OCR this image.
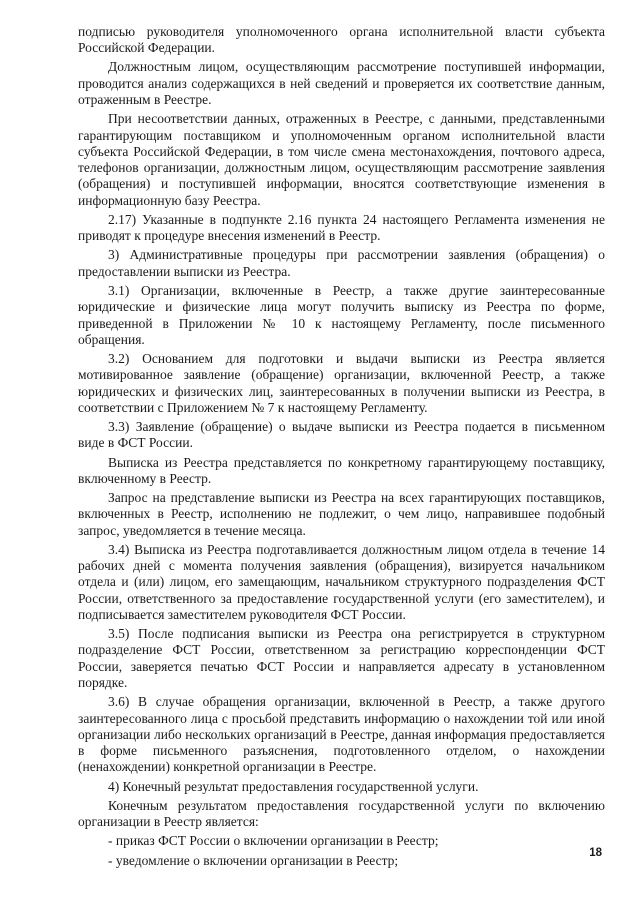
подписью руководителя уполномоченного органа исполнительной власти субъекта Российской Федерации.

Должностным лицом, осуществляющим рассмотрение поступившей информации, проводится анализ содержащихся в ней сведений и проверяется их соответствие данным, отраженным в Реестре.

При несоответствии данных, отраженных в Реестре, с данными, представленными гарантирующим поставщиком и уполномоченным органом исполнительной власти субъекта Российской Федерации, в том числе смена местонахождения, почтового адреса, телефонов организации, должностным лицом, осуществляющим рассмотрение заявления (обращения) и поступившей информации, вносятся соответствующие изменения в информационную базу Реестра.

2.17) Указанные в подпункте 2.16 пункта 24 настоящего Регламента изменения не приводят к процедуре внесения изменений в Реестр.

3) Административные процедуры при рассмотрении заявления (обращения) о предоставлении выписки из Реестра.

3.1) Организации, включенные в Реестр, а также другие заинтересованные юридические и физические лица могут получить выписку из Реестра по форме, приведенной в Приложении № 10 к настоящему Регламенту, после письменного обращения.

3.2) Основанием для подготовки и выдачи выписки из Реестра является мотивированное заявление (обращение) организации, включенной Реестр, а также юридических и физических лиц, заинтересованных в получении выписки из Реестра, в соответствии с Приложением № 7 к настоящему Регламенту.

3.3) Заявление (обращение) о выдаче выписки из Реестра подается в письменном виде в ФСТ России.

Выписка из Реестра представляется по конкретному гарантирующему поставщику, включенному в Реестр.

Запрос на представление выписки из Реестра на всех гарантирующих поставщиков, включенных в Реестр, исполнению не подлежит, о чем лицо, направившее подобный запрос, уведомляется в течение месяца.

3.4) Выписка из Реестра подготавливается должностным лицом отдела в течение 14 рабочих дней с момента получения заявления (обращения), визируется начальником отдела и (или) лицом, его замещающим, начальником структурного подразделения ФСТ России, ответственного за предоставление государственной услуги (его заместителем), и подписывается заместителем руководителя ФСТ России.

3.5) После подписания выписки из Реестра она регистрируется в структурном подразделение ФСТ России, ответственном за регистрацию корреспонденции ФСТ России, заверяется печатью ФСТ России и направляется адресату в установленном порядке.

3.6) В случае обращения организации, включенной в Реестр, а также другого заинтересованного лица с просьбой представить информацию о нахождении той или иной организации либо нескольких организаций в Реестре, данная информация предоставляется в форме письменного разъяснения, подготовленного отделом, о нахождении (ненахождении) конкретной организации в Реестре.

4) Конечный результат предоставления государственной услуги.

Конечным результатом предоставления государственной услуги по включению организации в Реестр является:

- приказ ФСТ России о включении организации в Реестр;

- уведомление о включении организации в Реестр;	18
